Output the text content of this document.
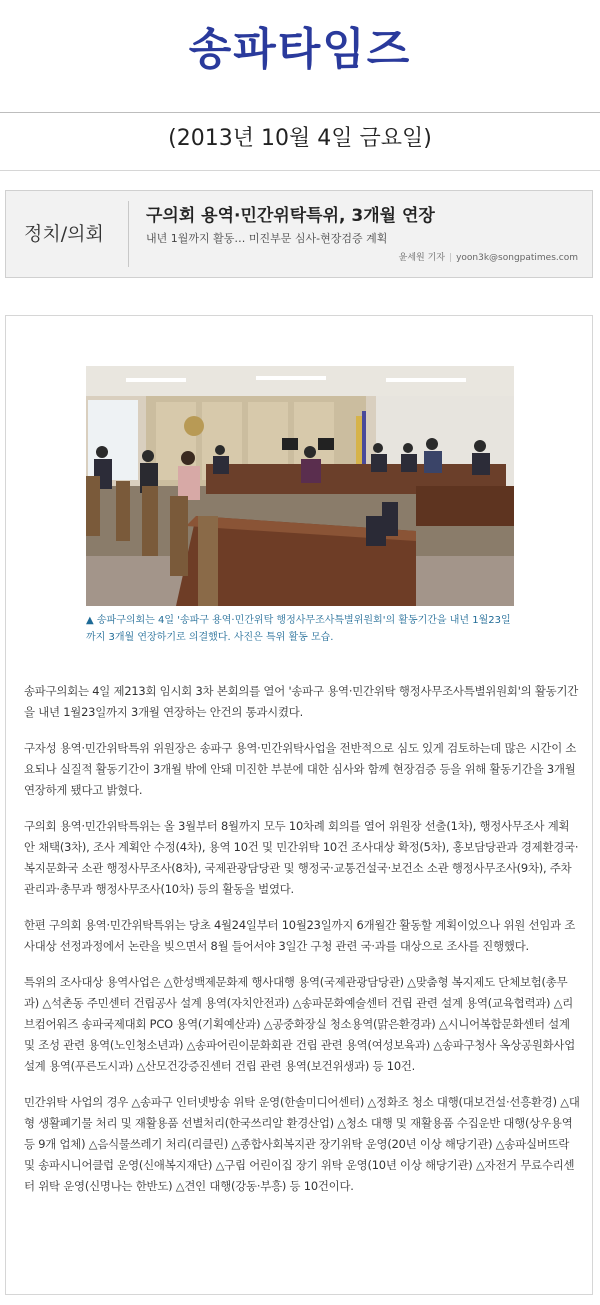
송파타임즈
(2013년 10월 4일 금요일)
정치/의회
구의회 용역·민간위탁특위, 3개월 연장
내년 1월까지 활동… 미진부문 심사-현장검증 계획
윤세원 기자 | yoon3k@songpatimes.com
▲ 송파구의회는 4일 '송파구 용역·민간위탁 행정사무조사특별위원회'의 활동기간을 내년 1월23일까지 3개월 연장하기로 의결했다. 사진은 특위 활동 모습.

송파구의회는 4일 제213회 임시회 3차 본회의를 열어 '송파구 용역·민간위탁 행정사무조사특별위원회'의 활동기간을 내년 1월23일까지 3개월 연장하는 안건의 통과시켰다.

구자성 용역·민간위탁특위 위원장은 송파구 용역·민간위탁사업을 전반적으로 심도 있게 검토하는데 많은 시간이 소요되나 실질적 활동기간이 3개월 밖에 안돼 미진한 부분에 대한 심사와 함께 현장검증 등을 위해 활동기간을 3개월 연장하게 됐다고 밝혔다.

구의회 용역·민간위탁특위는 올 3월부터 8월까지 모두 10차례 회의를 열어 위원장 선출(1차), 행정사무조사 계획안 채택(3차), 조사 계획안 수정(4차), 용역 10건 및 민간위탁 10건 조사대상 확정(5차), 홍보담당관과 경제환경국·복지문화국 소관 행정사무조사(8차), 국제관광담당관 및 행정국·교통건설국·보건소 소관 행정사무조사(9차), 주차관리과·총무과 행정사무조사(10차) 등의 활동을 벌였다.

한편 구의회 용역·민간위탁특위는 당초 4월24일부터 10월23일까지 6개월간 활동할 계획이었으나 위원 선임과 조사대상 선정과정에서 논란을 빚으면서 8월 들어서야 3일간 구청 관련 국·과를 대상으로 조사를 진행했다.

특위의 조사대상 용역사업은 △한성백제문화제 행사대행 용역(국제관광담당관) △맞춤형 복지제도 단체보험(총무과) △석촌동 주민센터 건립공사 설계 용역(자치안전과) △송파문화예술센터 건립 관련 설계 용역(교육협력과) △리브컴어워즈 송파국제대회 PCO 용역(기획예산과) △공중화장실 청소용역(맑은환경과) △시니어복합문화센터 설계 및 조성 관련 용역(노인청소년과) △송파어린이문화회관 건립 관련 용역(여성보육과) △송파구청사 옥상공원화사업 설계 용역(푸른도시과) △산모건강증진센터 건립 관련 용역(보건위생과) 등 10건.

민간위탁 사업의 경우 △송파구 인터넷방송 위탁 운영(한솔미디어센터) △정화조 청소 대행(대보건설·선흥환경) △대형 생활폐기물 처리 및 재활용품 선별처리(한국쓰리알 환경산업) △청소 대행 및 재활용품 수집운반 대행(상우용역 등 9개 업체) △음식물쓰레기 처리(리클린) △종합사회복지관 장기위탁 운영(20년 이상 해당기관) △송파실버뜨락 및 송파시니어클럽 운영(신애복지재단) △구립 어린이집 장기 위탁 운영(10년 이상 해당기관) △자전거 무료수리센터 위탁 운영(신명나는 한반도) △견인 대행(강동·부흥) 등 10건이다.
